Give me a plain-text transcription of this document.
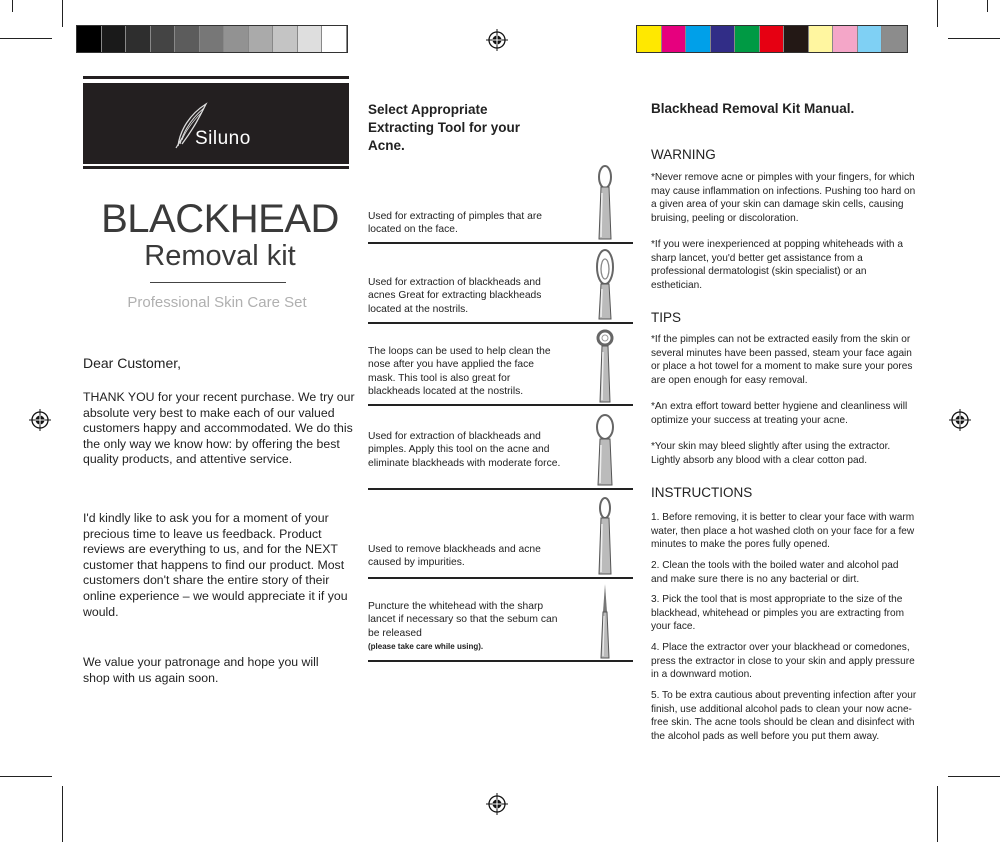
Siluno
BLACKHEAD
Removal kit
Professional Skin Care Set
Dear Customer,

THANK YOU for your recent purchase. We try our absolute very best to make each of our valued customers happy and accommodated. We do this the only way we know how: by offering the best quality products, and attentive service.

I'd kindly like to ask you for a moment of your precious time to leave us feedback. Product reviews are everything to us, and for the NEXT customer that happens to find our product. Most customers don't share the entire story of their online experience – we would appreciate it if you would.

We value your patronage and hope you will shop with us again soon.

Select Appropriate Extracting Tool for your Acne.

Used for extracting of pimples that are located on the face.

Used for extraction of blackheads and acnes Great for extracting blackheads located at the nostrils.

The loops can be used to help clean the nose after you have applied the face mask. This tool is also great for blackheads located at the nostrils.

Used for extraction of blackheads and pimples. Apply this tool on the acne and eliminate blackheads with moderate force.

Used to remove blackheads and acne caused by impurities.

Puncture the whitehead with the sharp lancet if necessary so that the sebum can be released
(please take care while using).

Blackhead Removal Kit Manual.
WARNING

*Never remove acne or pimples with your fingers, for which may cause inflammation on infections. Pushing too hard on a given area of your skin can damage skin cells, causing bruising, peeling or discoloration.

*If you were inexperienced at popping whiteheads with a sharp lancet, you'd better get assistance from a professional dermatologist (skin specialist) or an esthetician.

TIPS

*If the pimples can not be extracted easily from the skin or several minutes have been passed, steam your face again or place a hot towel for a moment to make sure your pores are open enough for easy removal.

*An extra effort toward better hygiene and cleanliness will optimize your success at treating your acne.

*Your skin may bleed slightly after using the extractor. Lightly absorb any blood with a clear cotton pad.

INSTRUCTIONS

1. Before removing, it is better to clear your face with warm water, then place a hot washed cloth on your face for a few minutes to make the pores fully opened.

2. Clean the tools with the boiled water and alcohol pad and make sure there is no any bacterial or dirt.

3. Pick the tool that is most appropriate to the size of the blackhead, whitehead or pimples you are extracting from your face.

4. Place the extractor over your blackhead or comedones, press the extractor in close to your skin and apply pressure in a downward motion.

5. To be extra cautious about preventing infection after your finish, use additional alcohol pads to clean your now acne-free skin. The acne tools should be clean and disinfect with the alcohol pads as well before you put them away.
